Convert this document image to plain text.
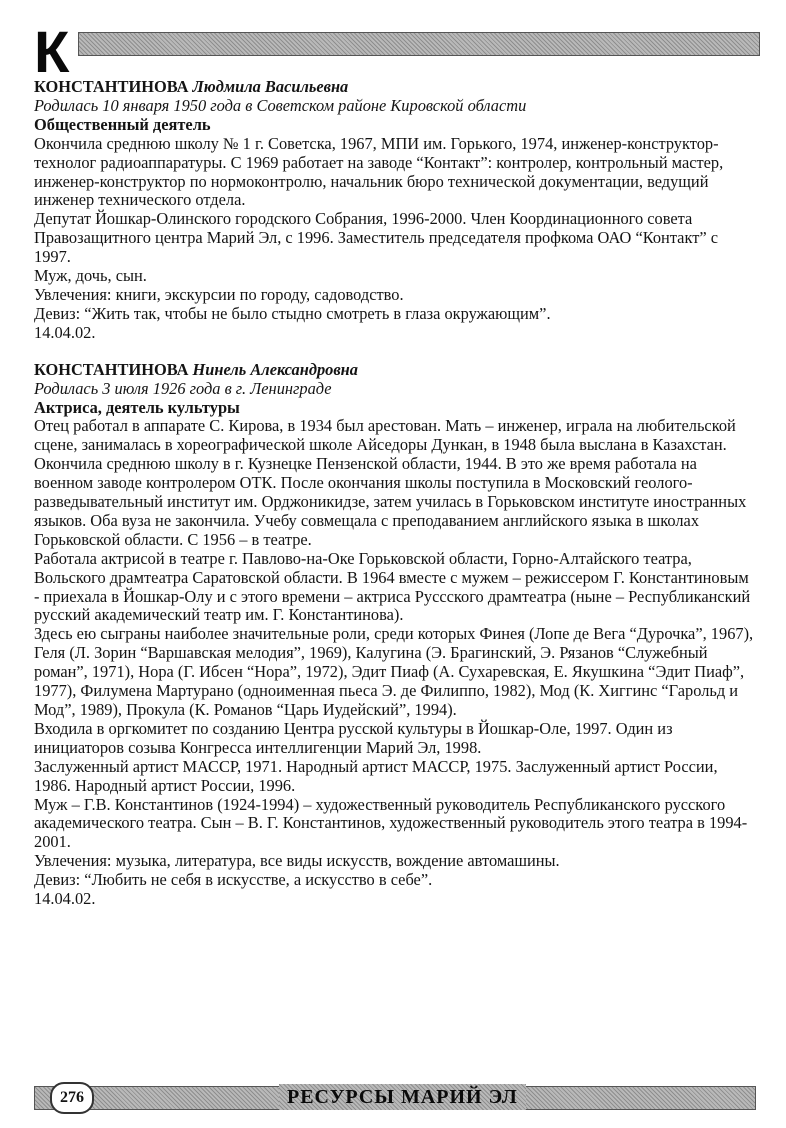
К
КОНСТАНТИНОВА Людмила Васильевна
Родилась 10 января 1950 года в Советском районе Кировской области
Общественный деятель

Окончила среднюю школу № 1 г. Советска, 1967, МПИ им. Горького, 1974, инженер-конструктор-технолог радиоаппаратуры. С 1969 работает на заводе “Контакт”: контролер, контрольный мастер, инженер-конструктор по нормоконтролю, начальник бюро технической документации, ведущий инженер технического отдела.

Депутат Йошкар-Олинского городского Собрания, 1996-2000. Член Координационного совета Правозащитного центра Марий Эл, с 1996. Заместитель председателя профкома ОАО “Контакт” с 1997.

Муж, дочь, сын.

Увлечения: книги, экскурсии по городу, садоводство.

Девиз: “Жить так, чтобы не было стыдно смотреть в глаза окружающим”.

14.04.02.

КОНСТАНТИНОВА Нинель Александровна
Родилась 3 июля 1926 года в г. Ленинграде
Актриса, деятель культуры

Отец работал в аппарате С. Кирова, в 1934 был арестован. Мать – инженер, играла на любительской сцене, занималась в хореографической школе Айседоры Дункан, в 1948 была выслана в Казахстан.

Окончила среднюю школу в г. Кузнецке Пензенской области, 1944. В это же время работала на военном заводе контролером ОТК. После окончания школы поступила в Московский геолого-разведывательный институт им. Орджоникидзе, затем училась в Горьковском институте иностранных языков. Оба вуза не закончила. Учебу совмещала с преподаванием английского языка в школах Горьковской области. С 1956 – в театре.

Работала актрисой в театре г. Павлово-на-Оке Горьковской области, Горно-Алтайского театра, Вольского драмтеатра Саратовской области. В 1964 вместе с мужем – режиссером Г. Константиновым - приехала в Йошкар-Олу и с этого времени – актриса Русcского драмтеатра (ныне – Республиканский русский академический театр им. Г. Константинова).

Здесь ею сыграны наиболее значительные роли, среди которых Финея (Лопе де Вега “Дурочка”, 1967), Геля (Л. Зорин “Варшавская мелодия”, 1969), Калугина (Э. Брагинский, Э. Рязанов “Служебный роман”, 1971), Нора (Г. Ибсен “Нора”, 1972), Эдит Пиаф (А. Сухаревская, Е. Якушкина “Эдит Пиаф”, 1977), Филумена Мартурано (одноименная пьеса Э. де Филиппо, 1982), Мод (К. Хиггинс “Гарольд и Мод”, 1989), Прокула (К. Романов “Царь Иудейский”, 1994).

Входила в оргкомитет по созданию Центра русской культуры в Йошкар-Оле, 1997. Один из инициаторов созыва Конгресса интеллигенции Марий Эл, 1998.

Заслуженный артист МАССР, 1971. Народный артист МАССР, 1975. Заслуженный артист России, 1986. Народный артист России, 1996.

Муж – Г.В. Константинов (1924-1994) – художественный руководитель Республиканского русского академического театра. Сын – В. Г. Константинов, художественный руководитель этого театра в 1994- 2001.

Увлечения: музыка, литература, все виды искусств, вождение автомашины.

Девиз: “Любить не себя в искусстве, а искусство в себе”.

14.04.02.

276	РЕСУРСЫ МАРИЙ ЭЛ
